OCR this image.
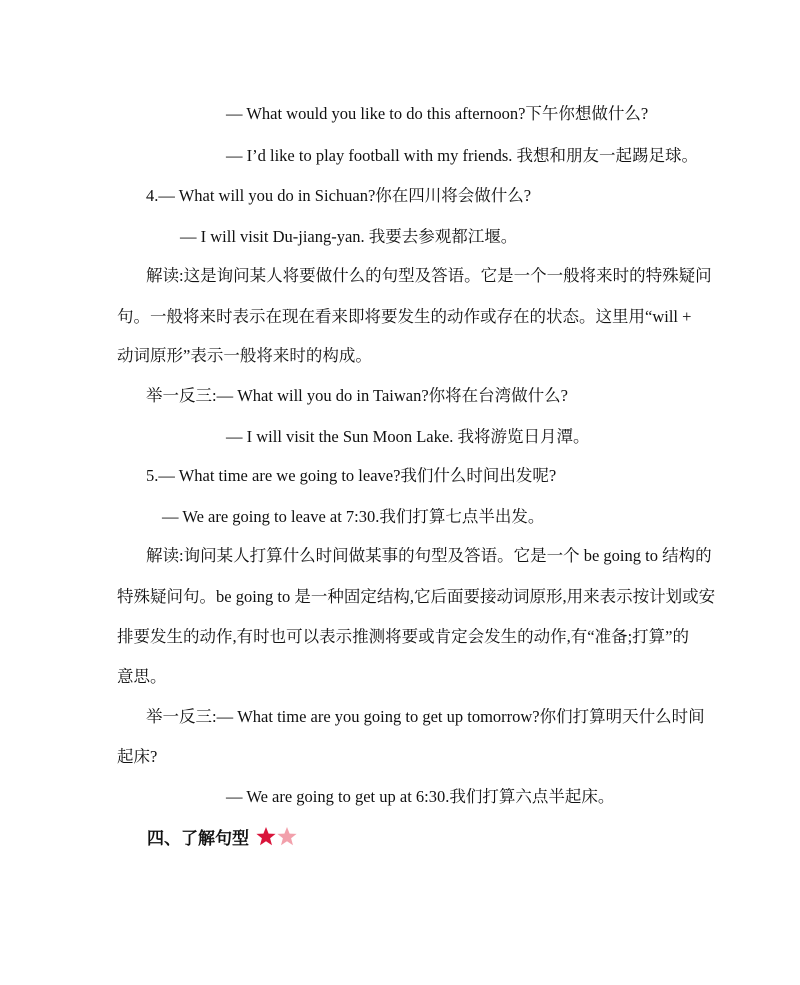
— What would you like to do this afternoon?下午你想做什么?
— I’d like to play football with my friends. 我想和朋友一起踢足球。
4.— What will you do in Sichuan?你在四川将会做什么?
— I will visit Du-jiang-yan. 我要去参观都江堰。
解读:这是询问某人将要做什么的句型及答语。它是一个一般将来时的特殊疑问
句。一般将来时表示在现在看来即将要发生的动作或存在的状态。这里用“will +
动词原形”表示一般将来时的构成。
举一反三:— What will you do in Taiwan?你将在台湾做什么?
— I will visit the Sun Moon Lake. 我将游览日月潭。
5.— What time are we going to leave?我们什么时间出发呢?
— We are going to leave at 7:30.我们打算七点半出发。
解读:询问某人打算什么时间做某事的句型及答语。它是一个 be going to 结构的
特殊疑问句。be going to 是一种固定结构,它后面要接动词原形,用来表示按计划或安
排要发生的动作,有时也可以表示推测将要或肯定会发生的动作,有“准备;打算”的
意思。
举一反三:— What time are you going to get up tomorrow?你们打算明天什么时间
起床?
— We are going to get up at 6:30.我们打算六点半起床。
四、了解句型
